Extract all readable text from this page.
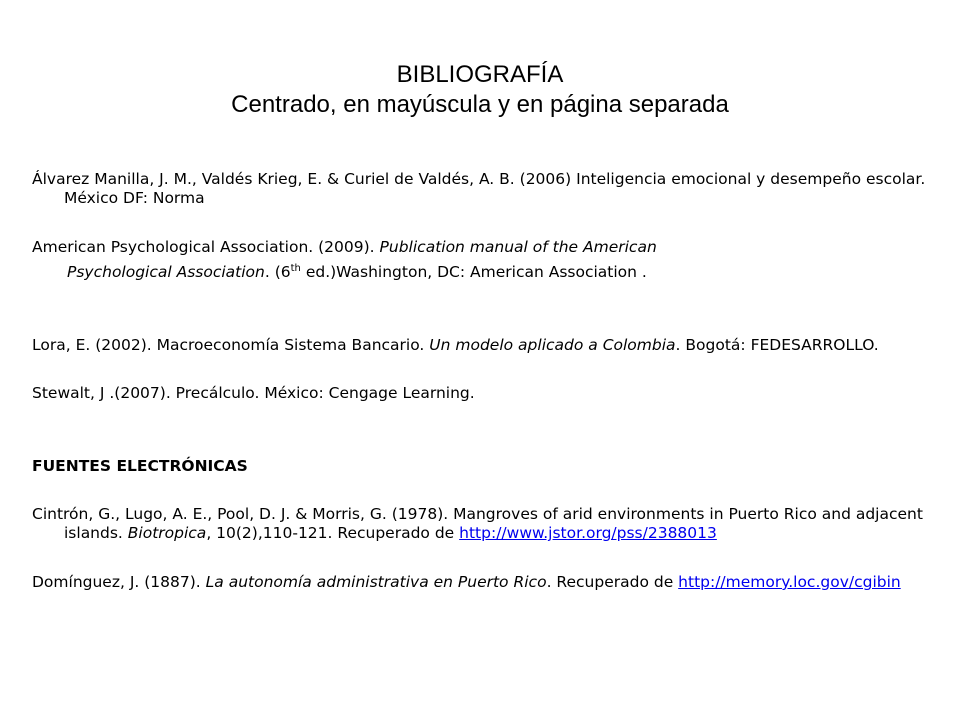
BIBLIOGRAFÍA
Centrado, en mayúscula y en página separada
Álvarez Manilla, J. M., Valdés Krieg, E. & Curiel de Valdés, A. B. (2006) Inteligencia emocional y desempeño escolar. México DF: Norma
American Psychological Association. (2009). Publication manual of the American
Psychological Association. (6th ed.)Washington, DC: American Association .
Lora, E. (2002). Macroeconomía Sistema Bancario. Un modelo aplicado a Colombia. Bogotá: FEDESARROLLO.
Stewalt, J .(2007). Precálculo. México: Cengage Learning.
FUENTES ELECTRÓNICAS
Cintrón, G., Lugo, A. E., Pool, D. J. & Morris, G. (1978). Mangroves of arid environments in Puerto Rico and adjacent islands. Biotropica, 10(2),110-121. Recuperado de http://www.jstor.org/pss/2388013
Domínguez, J. (1887). La autonomía administrativa en Puerto Rico. Recuperado de http://memory.loc.gov/cgibin
